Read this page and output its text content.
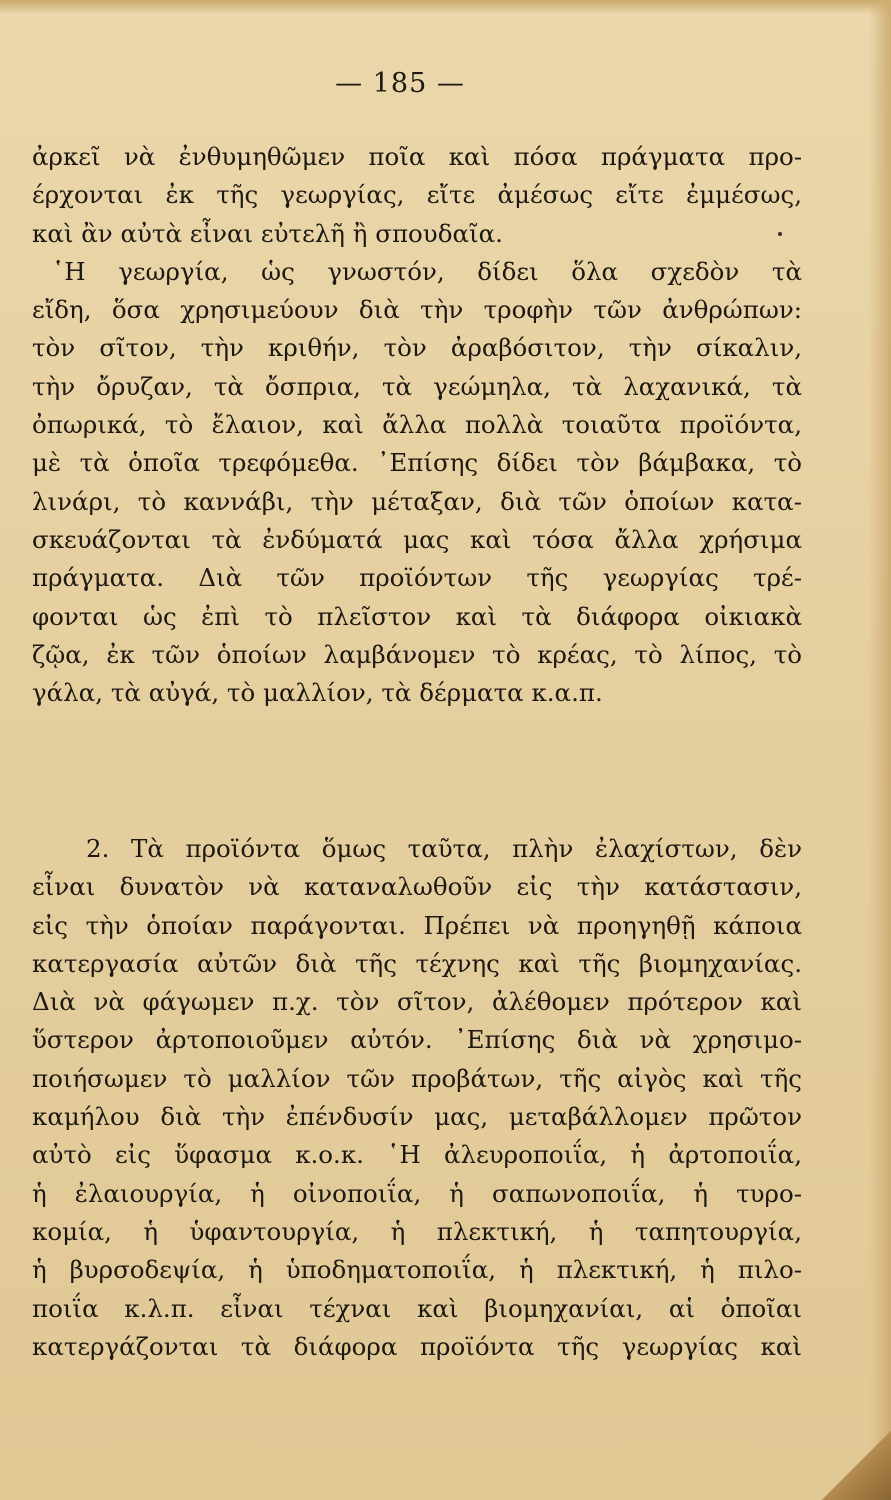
— 185 —
ἀρκεῖ νὰ ἐνθυμηθῶμεν ποῖα καὶ πόσα πράγματα προ-
έρχονται ἐκ τῆς γεωργίας, εἴτε ἀμέσως εἴτε ἐμμέσως,
καὶ ἂν αὐτὰ εἶναι εὐτελῆ ἢ σπουδαῖα.
῾Η γεωργία, ὡς γνωστόν, δίδει ὅλα σχεδὸν τὰ
εἴδη, ὅσα χρησιμεύουν διὰ τὴν τροφὴν τῶν ἀνθρώπων:
τὸν σῖτον, τὴν κριθήν, τὸν ἀραβόσιτον, τὴν σίκαλιν,
τὴν ὄρυζαν, τὰ ὄσπρια, τὰ γεώμηλα, τὰ λαχανικά, τὰ
ὀπωρικά, τὸ ἔλαιον, καὶ ἄλλα πολλὰ τοιαῦτα προϊόντα,
μὲ τὰ ὁποῖα τρεφόμεθα. ᾿Επίσης δίδει τὸν βάμβακα, τὸ
λινάρι, τὸ καννάβι, τὴν μέταξαν, διὰ τῶν ὁποίων κατα-
σκευάζονται τὰ ἐνδύματά μας καὶ τόσα ἄλλα χρήσιμα
πράγματα. Διὰ τῶν προϊόντων τῆς γεωργίας τρέ-
φονται ὡς ἐπὶ τὸ πλεῖστον καὶ τὰ διάφορα οἰκιακὰ
ζῷα, ἐκ τῶν ὁποίων λαμβάνομεν τὸ κρέας, τὸ λίπος, τὸ
γάλα, τὰ αὐγά, τὸ μαλλίον, τὰ δέρματα κ.α.π.
2. Τὰ προϊόντα ὅμως ταῦτα, πλὴν ἐλαχίστων, δὲν
εἶναι δυνατὸν νὰ καταναλωθοῦν εἰς τὴν κατάστασιν,
εἰς τὴν ὁποίαν παράγονται. Πρέπει νὰ προηγηθῇ κάποια
κατεργασία αὐτῶν διὰ τῆς τέχνης καὶ τῆς βιομηχανίας.
Διὰ νὰ φάγωμεν π.χ. τὸν σῖτον, ἀλέθομεν πρότερον καὶ
ὕστερον ἀρτοποιοῦμεν αὐτόν. ᾿Επίσης διὰ νὰ χρησιμο-
ποιήσωμεν τὸ μαλλίον τῶν προβάτων, τῆς αἰγὸς καὶ τῆς
καμήλου διὰ τὴν ἐπένδυσίν μας, μεταβάλλομεν πρῶτον
αὐτὸ εἰς ὕφασμα κ.ο.κ. ῾Η ἀλευροποιΐα, ἡ ἀρτοποιΐα,
ἡ ἐλαιουργία, ἡ οἰνοποιΐα, ἡ σαπωνοποιΐα, ἡ τυρο-
κομία, ἡ ὑφαντουργία, ἡ πλεκτική, ἡ ταπητουργία,
ἡ βυρσοδεψία, ἡ ὑποδηματοποιΐα, ἡ πλεκτική, ἡ πιλο-
ποιΐα κ.λ.π. εἶναι τέχναι καὶ βιομηχανίαι, αἱ ὁποῖαι
κατεργάζονται τὰ διάφορα προϊόντα τῆς γεωργίας καὶ
